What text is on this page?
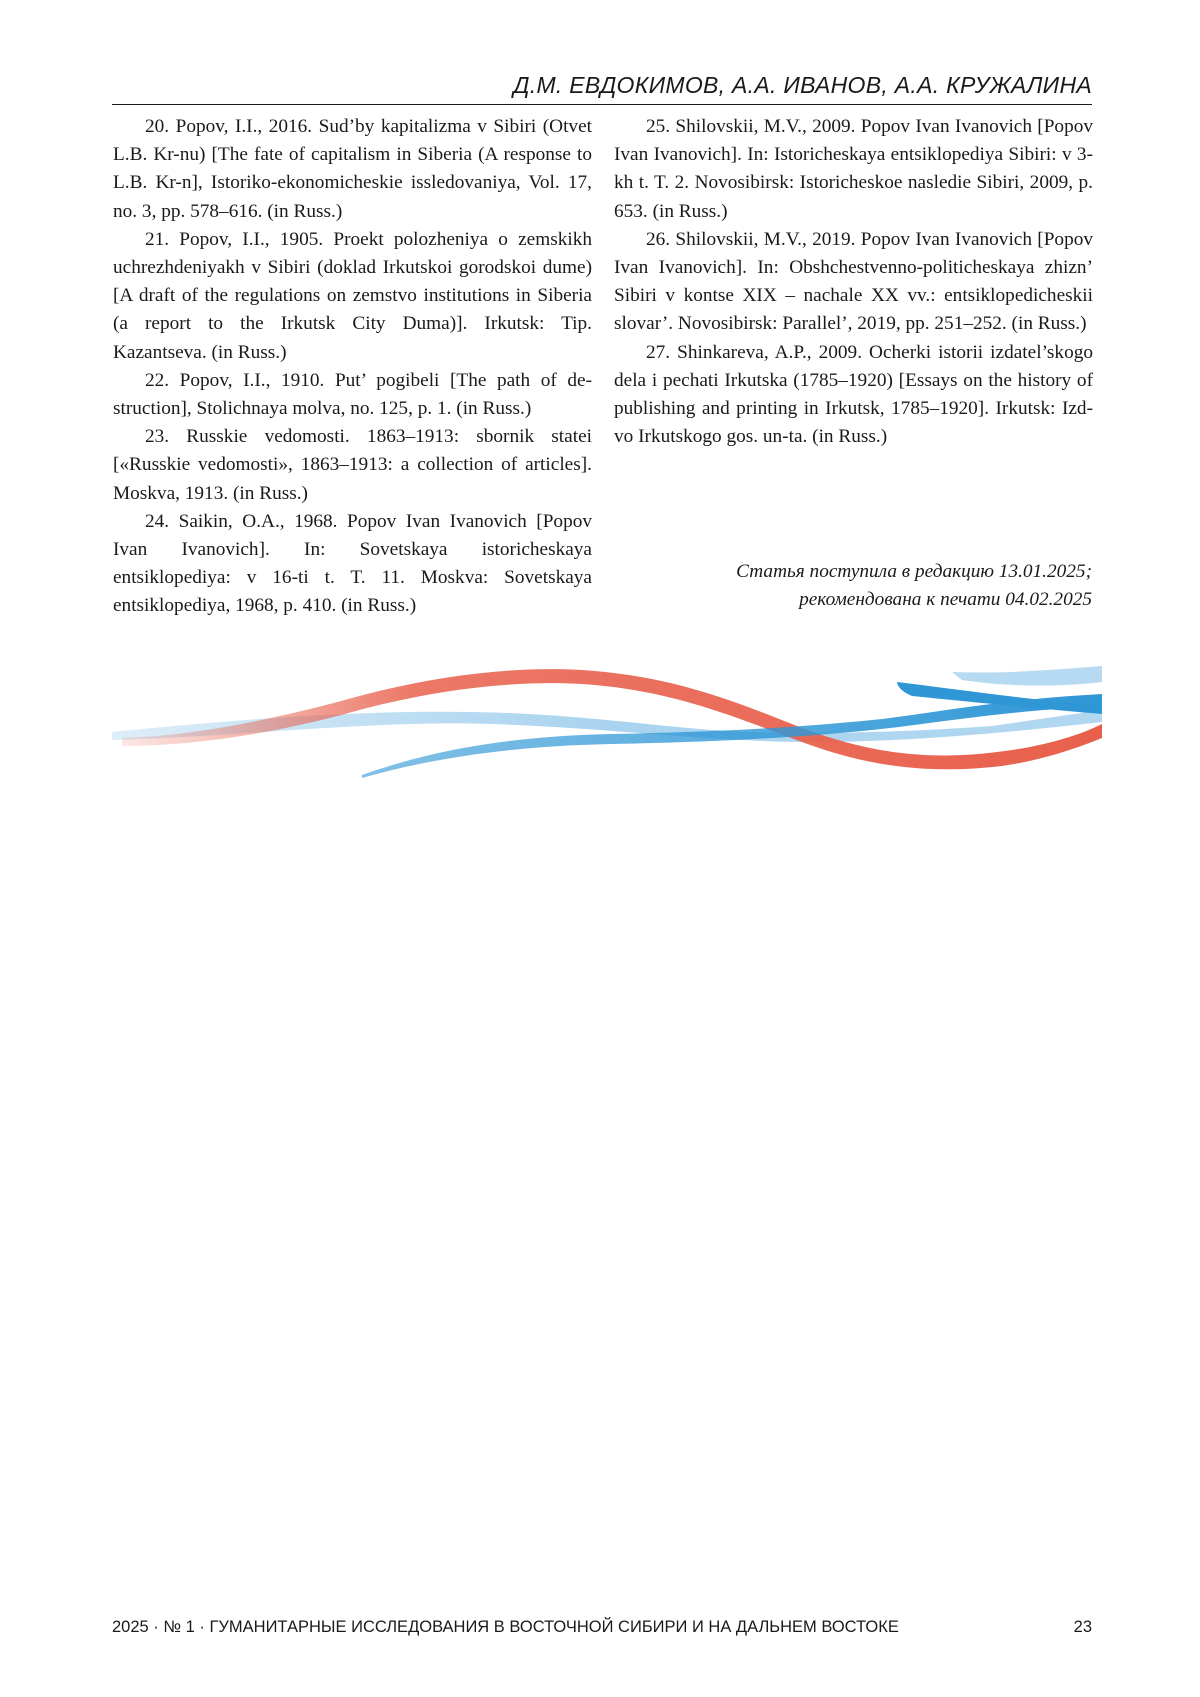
Д.М. ЕВДОКИМОВ, А.А. ИВАНОВ, А.А. КРУЖАЛИНА

20. Popov, I.I., 2016. Sud’by kapitalizma v Sibiri (Otvet L.B. Kr-nu) [The fate of capitalism in Siberia (A response to L.B. Kr-n], Istoriko-ekonomicheskie issledovaniya, Vol. 17, no. 3, pp. 578–616. (in Russ.)

21. Popov, I.I., 1905. Proekt polozheniya o zemskikh uchrezhdeniyakh v Sibiri (doklad Irkutskoi gorodskoi dume) [A draft of the regulations on zemstvo institutions in Siberia (a report to the Irkutsk City Duma)]. Irkutsk: Tip. Kazantseva. (in Russ.)

22. Popov, I.I., 1910. Put’ pogibeli [The path of destruction], Stolichnaya molva, no. 125, p. 1. (in Russ.)

23. Russkie vedomosti. 1863–1913: sbornik statei [«Russkie vedomosti», 1863–1913: a collection of articles]. Moskva, 1913. (in Russ.)

24. Saikin, O.A., 1968. Popov Ivan Ivanovich [Popov Ivan Ivanovich]. In: Sovetskaya istoricheskaya entsiklopediya: v 16-ti t. T. 11. Moskva: Sovetskaya entsiklopediya, 1968, p. 410. (in Russ.)

25. Shilovskii, M.V., 2009. Popov Ivan Ivanovich [Popov Ivan Ivanovich]. In: Istoricheskaya entsiklopediya Sibiri: v 3-kh t. T. 2. Novosibirsk: Istoricheskoe nasledie Sibiri, 2009, p. 653. (in Russ.)

26. Shilovskii, M.V., 2019. Popov Ivan Ivanovich [Popov Ivan Ivanovich]. In: Obshchestvenno-politicheskaya zhizn’ Sibiri v kontse XIX – nachale XX vv.: entsiklopedicheskii slovar’. Novosibirsk: Parallel’, 2019, pp. 251–252. (in Russ.)

27. Shinkareva, A.P., 2009. Ocherki istorii izdatel’skogo dela i pechati Irkutska (1785–1920) [Essays on the history of publishing and printing in Irkutsk, 1785–1920]. Irkutsk: Izd-vo Irkutskogo gos. un-ta. (in Russ.)

Статья поступила в редакцию 13.01.2025;
рекомендована к печати 04.02.2025
2025 · № 1 · ГУМАНИТАРНЫЕ ИССЛЕДОВАНИЯ В ВОСТОЧНОЙ СИБИРИ И НА ДАЛЬНЕМ ВОСТОКЕ	23
